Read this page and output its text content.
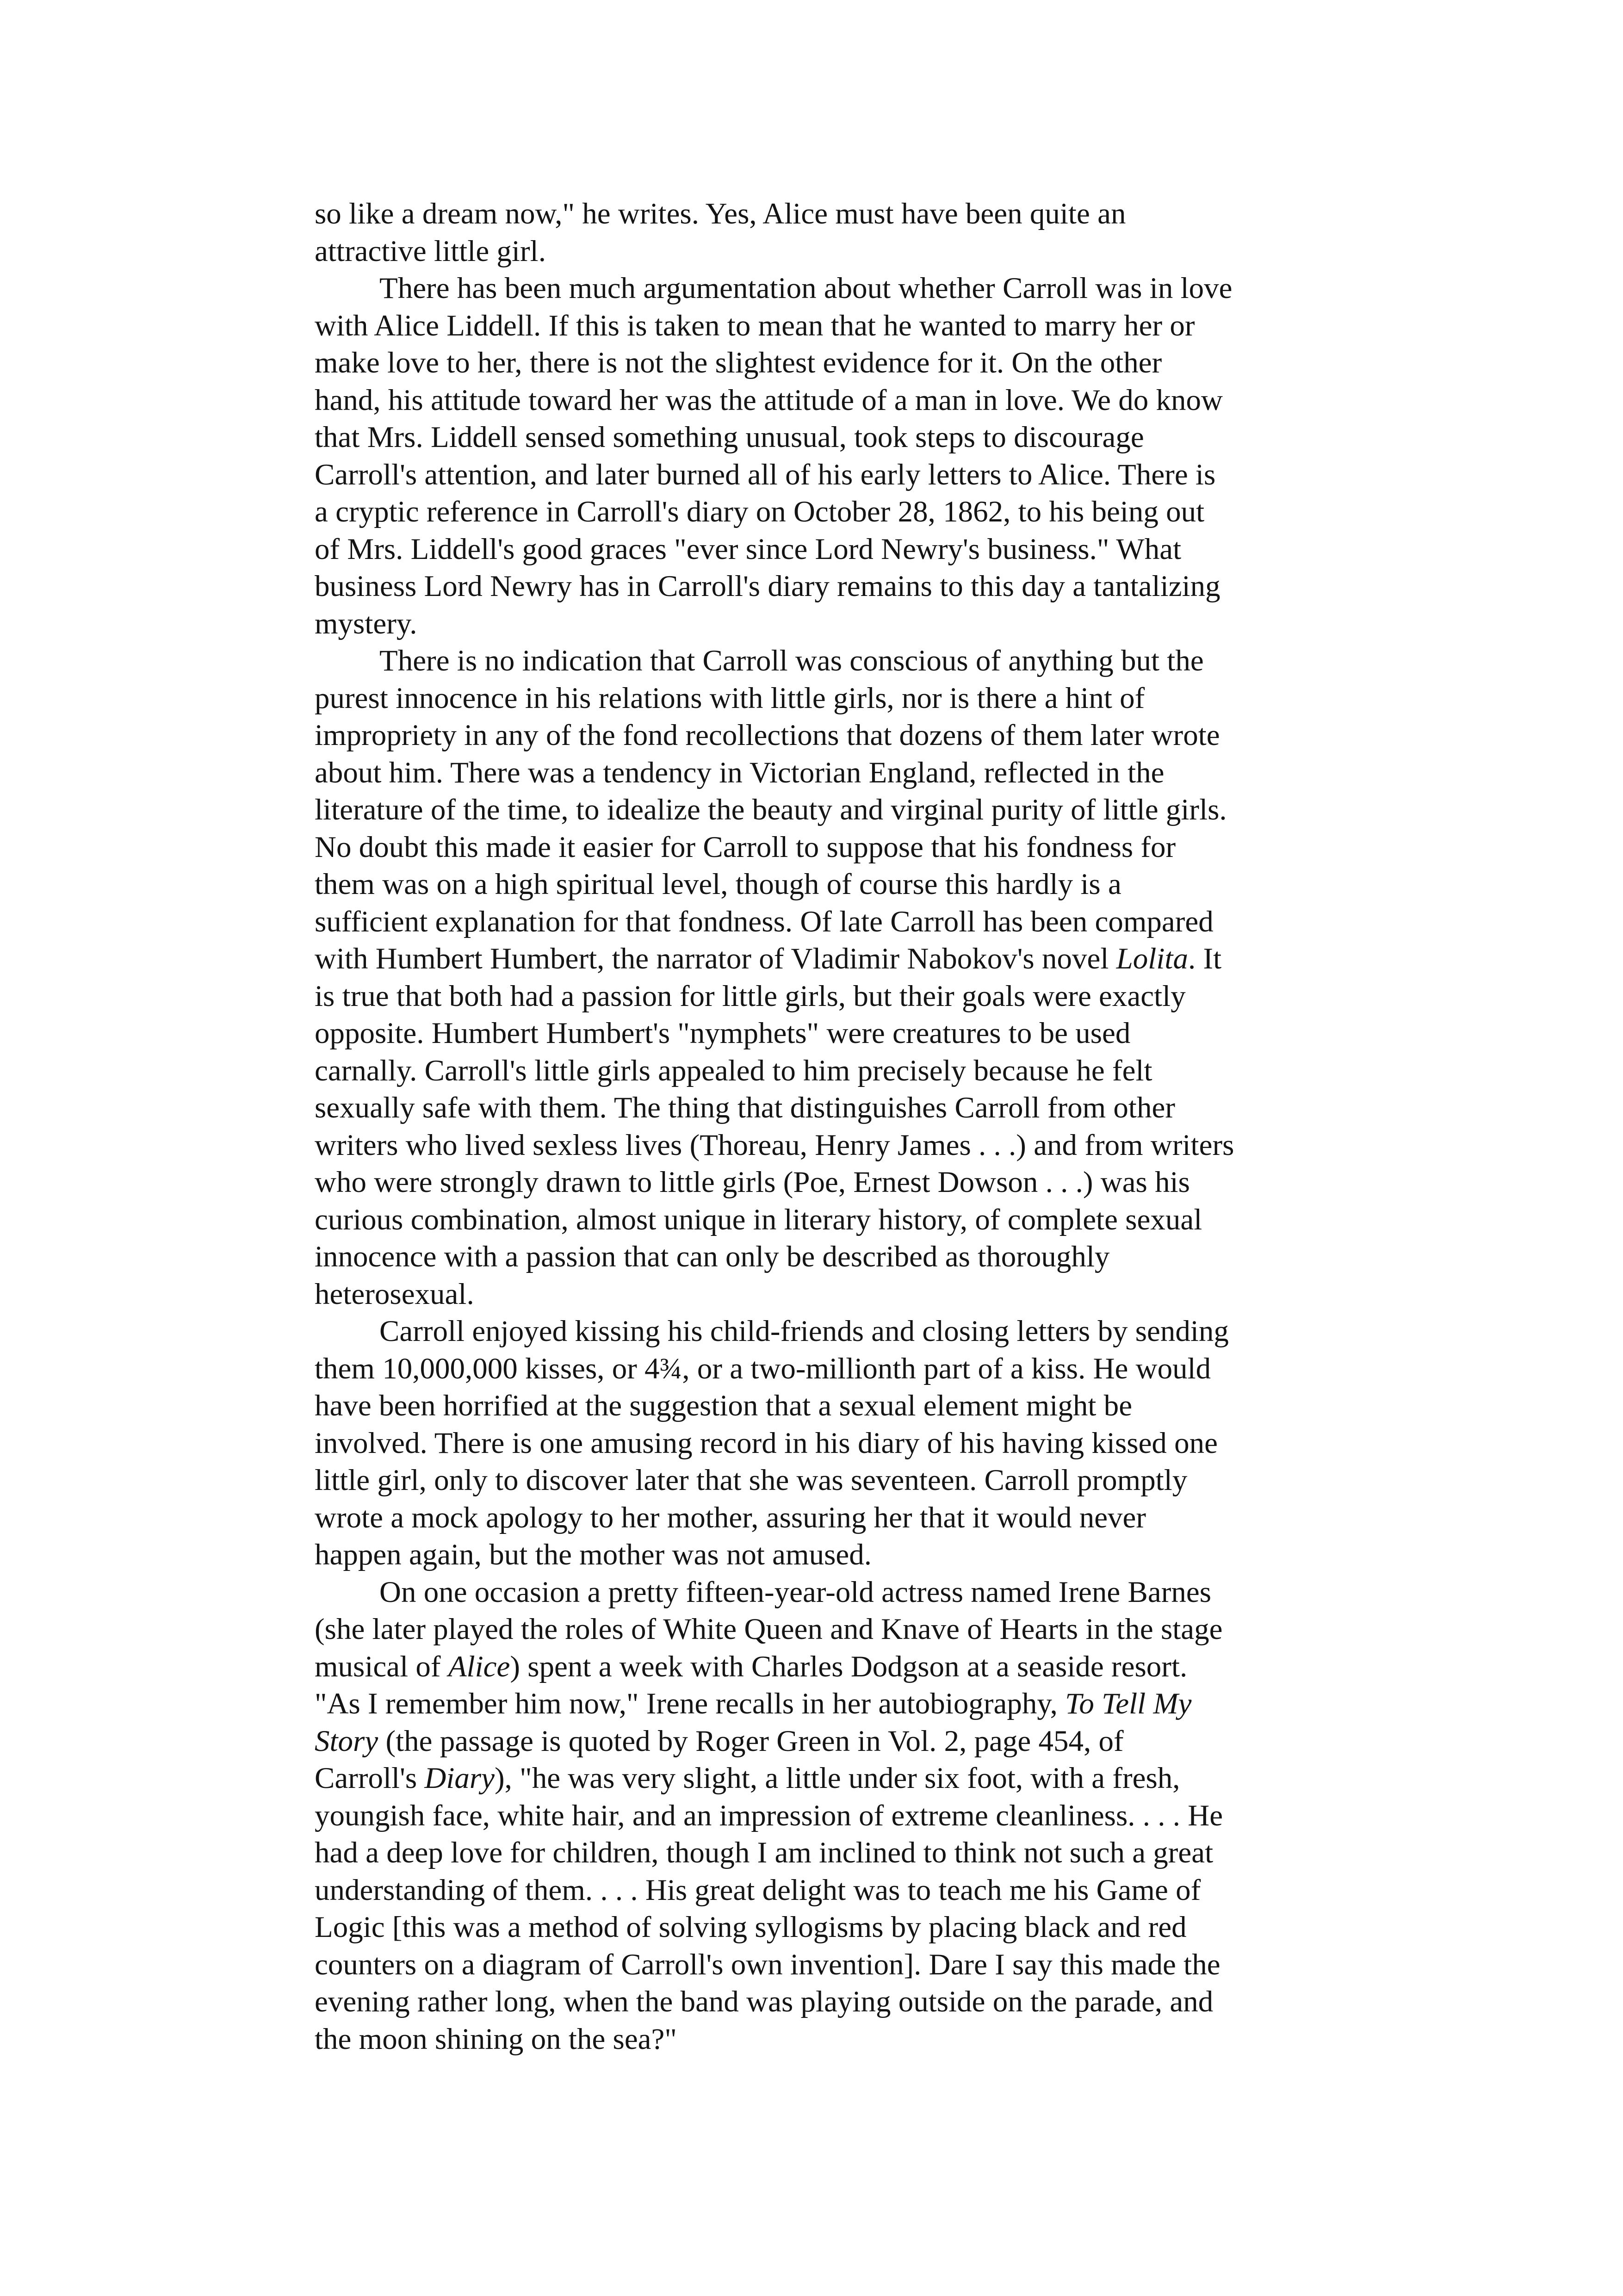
so like a dream now," he writes. Yes, Alice must have been quite an
attractive little girl.
There has been much argumentation about whether Carroll was in love
with Alice Liddell. If this is taken to mean that he wanted to marry her or
make love to her, there is not the slightest evidence for it. On the other
hand, his attitude toward her was the attitude of a man in love. We do know
that Mrs. Liddell sensed something unusual, took steps to discourage
Carroll's attention, and later burned all of his early letters to Alice. There is
a cryptic reference in Carroll's diary on October 28, 1862, to his being out
of Mrs. Liddell's good graces "ever since Lord Newry's business." What
business Lord Newry has in Carroll's diary remains to this day a tantalizing
mystery.
There is no indication that Carroll was conscious of anything but the
purest innocence in his relations with little girls, nor is there a hint of
impropriety in any of the fond recollections that dozens of them later wrote
about him. There was a tendency in Victorian England, reflected in the
literature of the time, to idealize the beauty and virginal purity of little girls.
No doubt this made it easier for Carroll to suppose that his fondness for
them was on a high spiritual level, though of course this hardly is a
sufficient explanation for that fondness. Of late Carroll has been compared
with Humbert Humbert, the narrator of Vladimir Nabokov's novel Lolita. It
is true that both had a passion for little girls, but their goals were exactly
opposite. Humbert Humbert's "nymphets" were creatures to be used
carnally. Carroll's little girls appealed to him precisely because he felt
sexually safe with them. The thing that distinguishes Carroll from other
writers who lived sexless lives (Thoreau, Henry James . . .) and from writers
who were strongly drawn to little girls (Poe, Ernest Dowson . . .) was his
curious combination, almost unique in literary history, of complete sexual
innocence with a passion that can only be described as thoroughly
heterosexual.
Carroll enjoyed kissing his child-friends and closing letters by sending
them 10,000,000 kisses, or 4¾, or a two-millionth part of a kiss. He would
have been horrified at the suggestion that a sexual element might be
involved. There is one amusing record in his diary of his having kissed one
little girl, only to discover later that she was seventeen. Carroll promptly
wrote a mock apology to her mother, assuring her that it would never
happen again, but the mother was not amused.
On one occasion a pretty fifteen-year-old actress named Irene Barnes
(she later played the roles of White Queen and Knave of Hearts in the stage
musical of Alice) spent a week with Charles Dodgson at a seaside resort.
"As I remember him now," Irene recalls in her autobiography, To Tell My
Story (the passage is quoted by Roger Green in Vol. 2, page 454, of
Carroll's Diary), "he was very slight, a little under six foot, with a fresh,
youngish face, white hair, and an impression of extreme cleanliness. . . . He
had a deep love for children, though I am inclined to think not such a great
understanding of them. . . . His great delight was to teach me his Game of
Logic [this was a method of solving syllogisms by placing black and red
counters on a diagram of Carroll's own invention]. Dare I say this made the
evening rather long, when the band was playing outside on the parade, and
the moon shining on the sea?"
